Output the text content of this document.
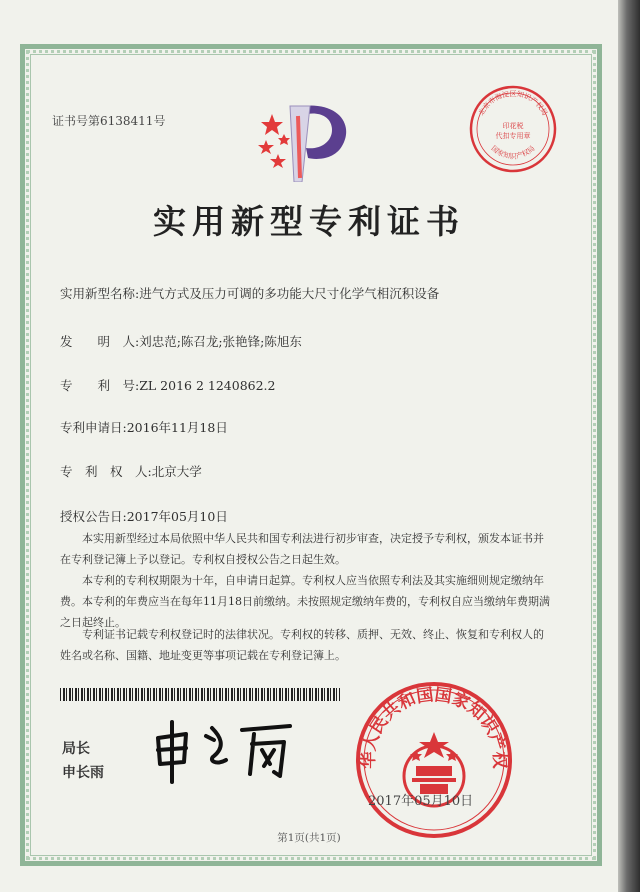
证书号第6138411号
北京市海淀区知识产权局
印花税
代扣专用章
国家知识产权局
实用新型专利证书
实用新型名称:进气方式及压力可调的多功能大尺寸化学气相沉积设备
发　　明　人:刘忠范;陈召龙;张艳锋;陈旭东
专　　利　号:ZL 2016 2 1240862.2
专利申请日:2016年11月18日
专　利　权　人:北京大学
授权公告日:2017年05月10日
本实用新型经过本局依照中华人民共和国专利法进行初步审查，决定授予专利权，颁发本证书并在专利登记簿上予以登记。专利权自授权公告之日起生效。
本专利的专利权期限为十年，自申请日起算。专利权人应当依照专利法及其实施细则规定缴纳年费。本专利的年费应当在每年11月18日前缴纳。未按照规定缴纳年费的，专利权自应当缴纳年费期满之日起终止。
专利证书记载专利权登记时的法律状况。专利权的转移、质押、无效、终止、恢复和专利权人的姓名或名称、国籍、地址变更等事项记载在专利登记簿上。
局长
申长雨
华人民共和国国家知识产权
2017年05月10日
第1页(共1页)
